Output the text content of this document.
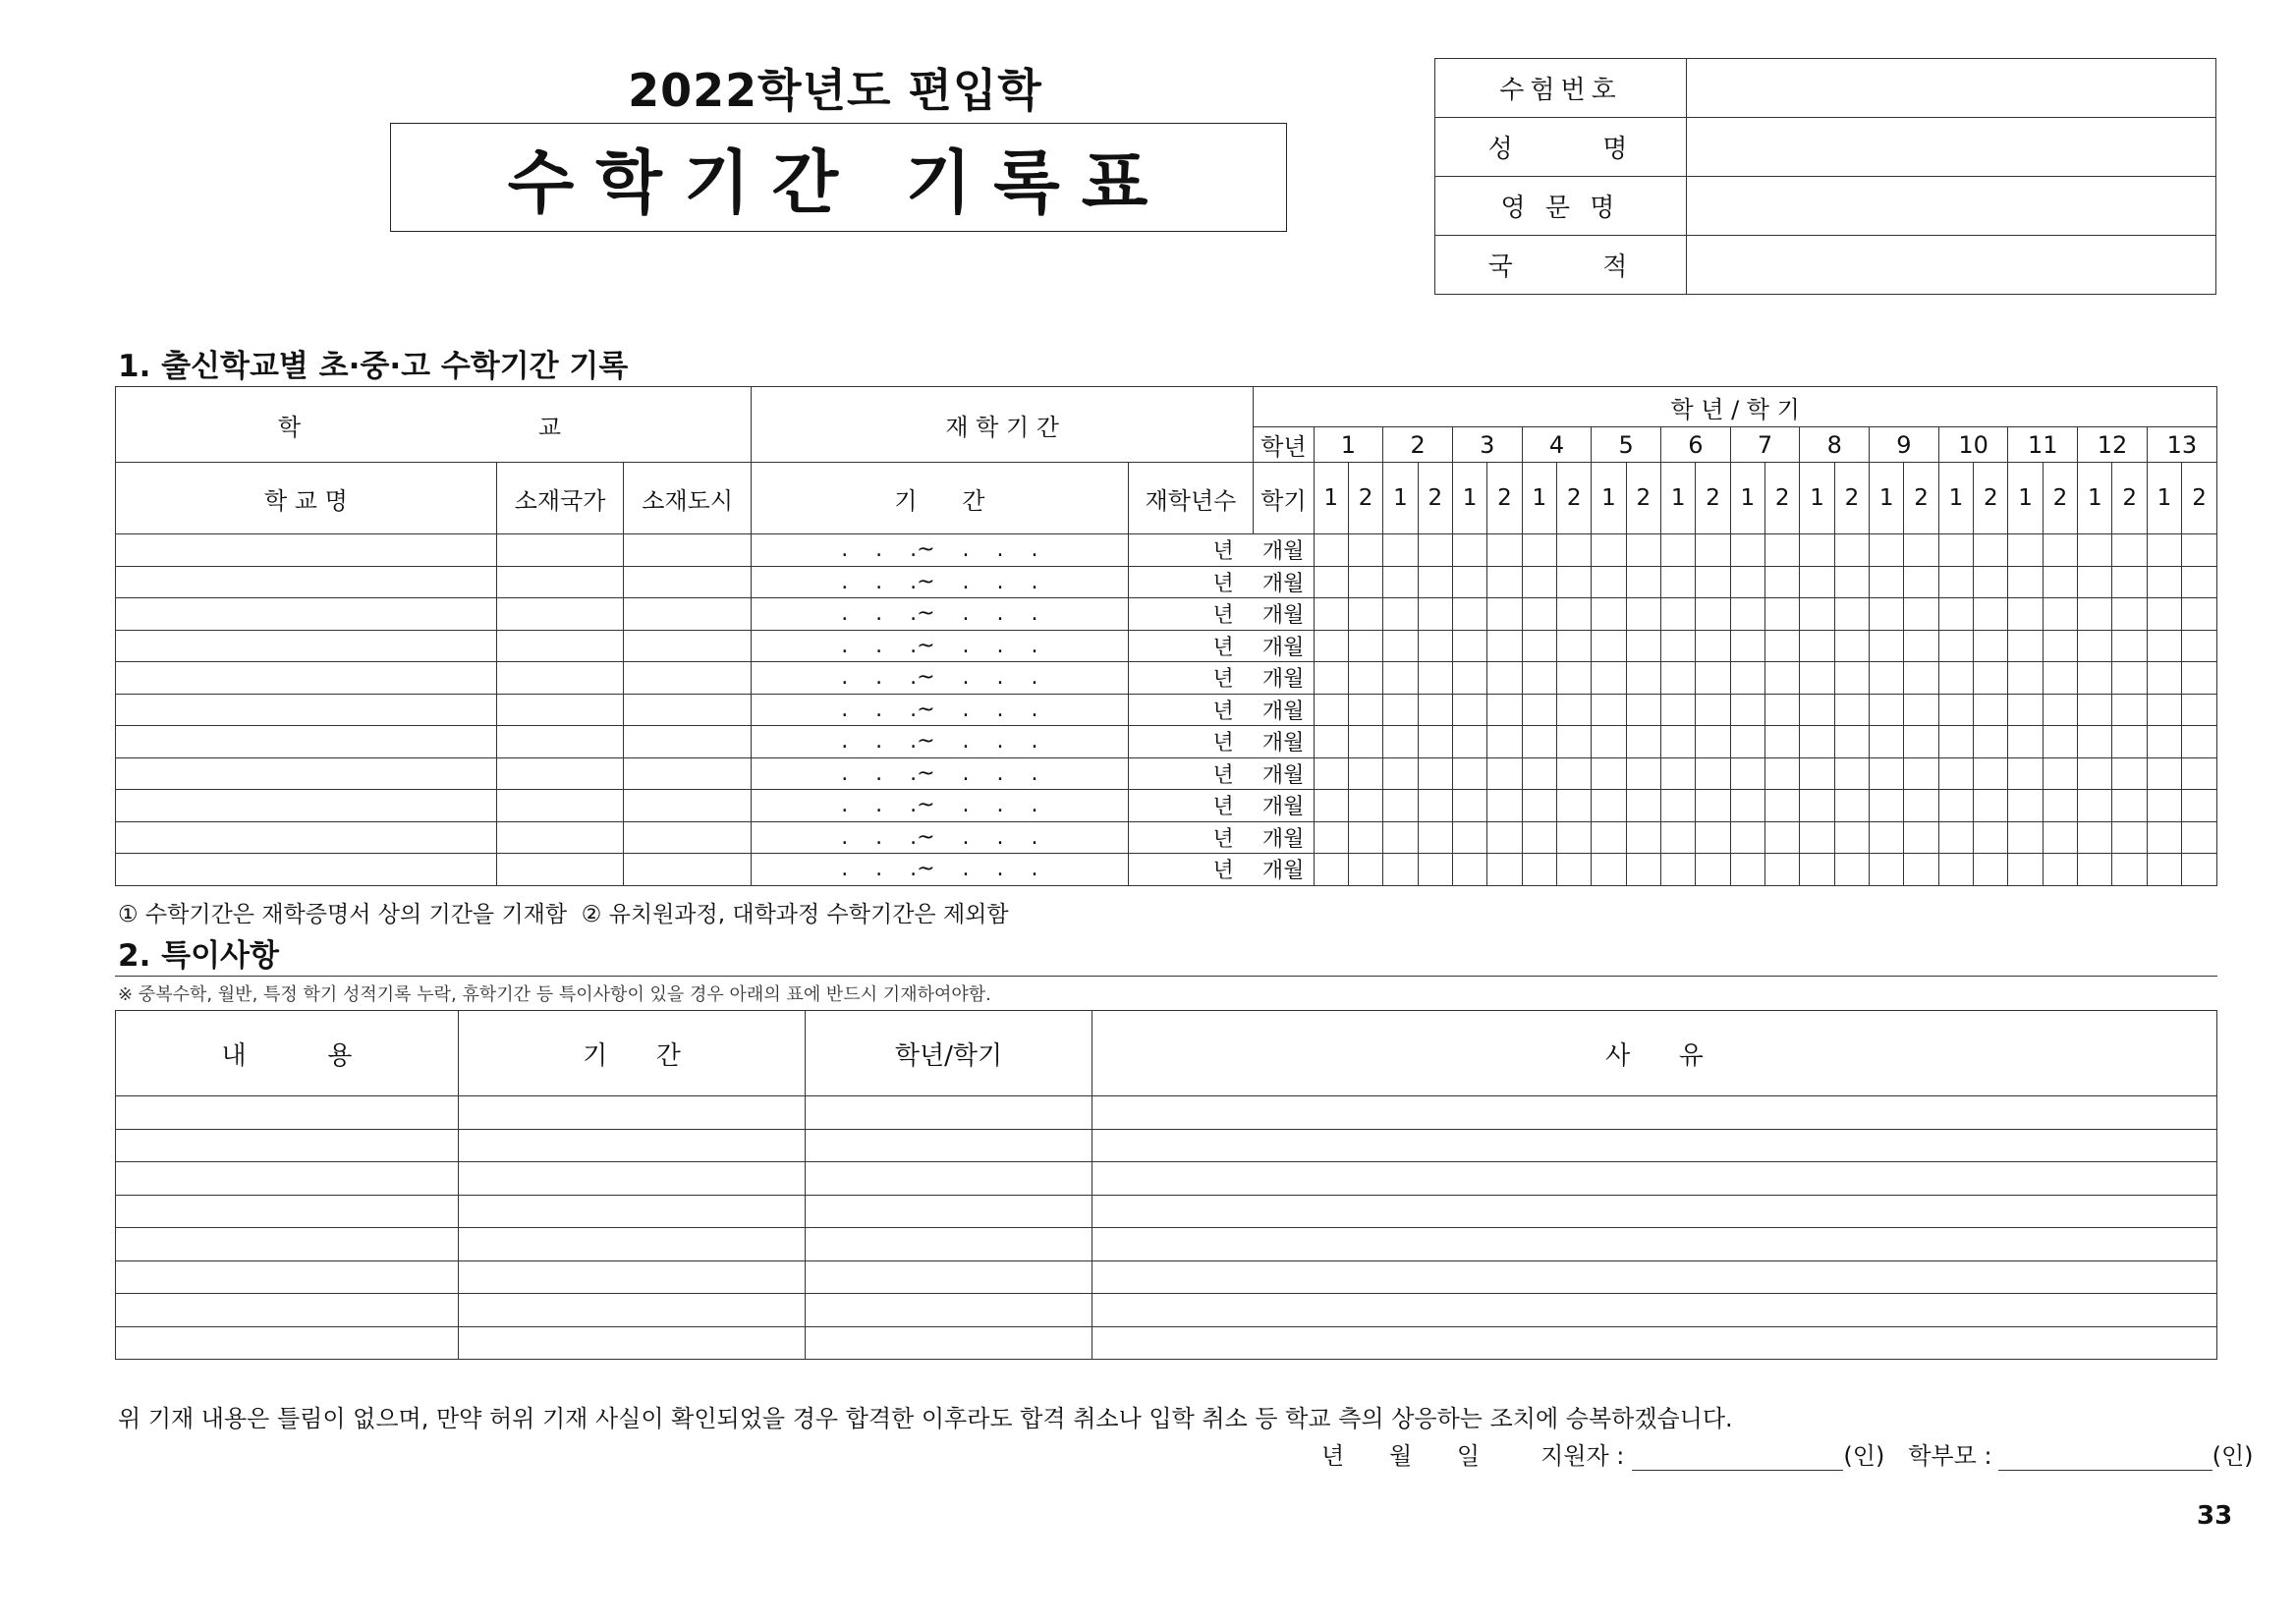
2022학년도 편입학
수학기간 기록표
수험번호	
성      명	
영 문 명	
국      적	
1. 출신학교별 초·중·고 수학기간 기록
학      교			재 학 기 간		학 년 / 학 기																										
					학년	1		2		3		4		5		6		7		8		9		10		11		12		13	
학 교 명	소재국가	소재도시	기      간	재학년수	학기	1	2	1	2	1	2	1	2	1	2	1	2	1	2	1	2	1	2	1	2	1	2	1	2	1	2
			.    .    .~    .    .    .	년	개월																										
			.    .    .~    .    .    .	년	개월																										
			.    .    .~    .    .    .	년	개월																										
			.    .    .~    .    .    .	년	개월																										
			.    .    .~    .    .    .	년	개월																										
			.    .    .~    .    .    .	년	개월																										
			.    .    .~    .    .    .	년	개월																										
			.    .    .~    .    .    .	년	개월																										
			.    .    .~    .    .    .	년	개월																										
			.    .    .~    .    .    .	년	개월																										
			.    .    .~    .    .    .	년	개월																										
① 수학기간은 재학증명서 상의 기간을 기재함  ② 유치원과정, 대학과정 수학기간은 제외함
2. 특이사항
※ 중복수학, 월반, 특정 학기 성적기록 누락, 휴학기간 등 특이사항이 있을 경우 아래의 표에 반드시 기재하여야함.
내          용	기      간	학년/학기	사      유

위 기재 내용은 틀림이 없으며, 만약 허위 기재 사실이 확인되었을 경우 합격한 이후라도 합격 취소나 입학 취소 등 학교 측의 상응하는 조치에 승복하겠습니다.
년      월      일	지원자 :	(인) 학부모 :	(인)
33
